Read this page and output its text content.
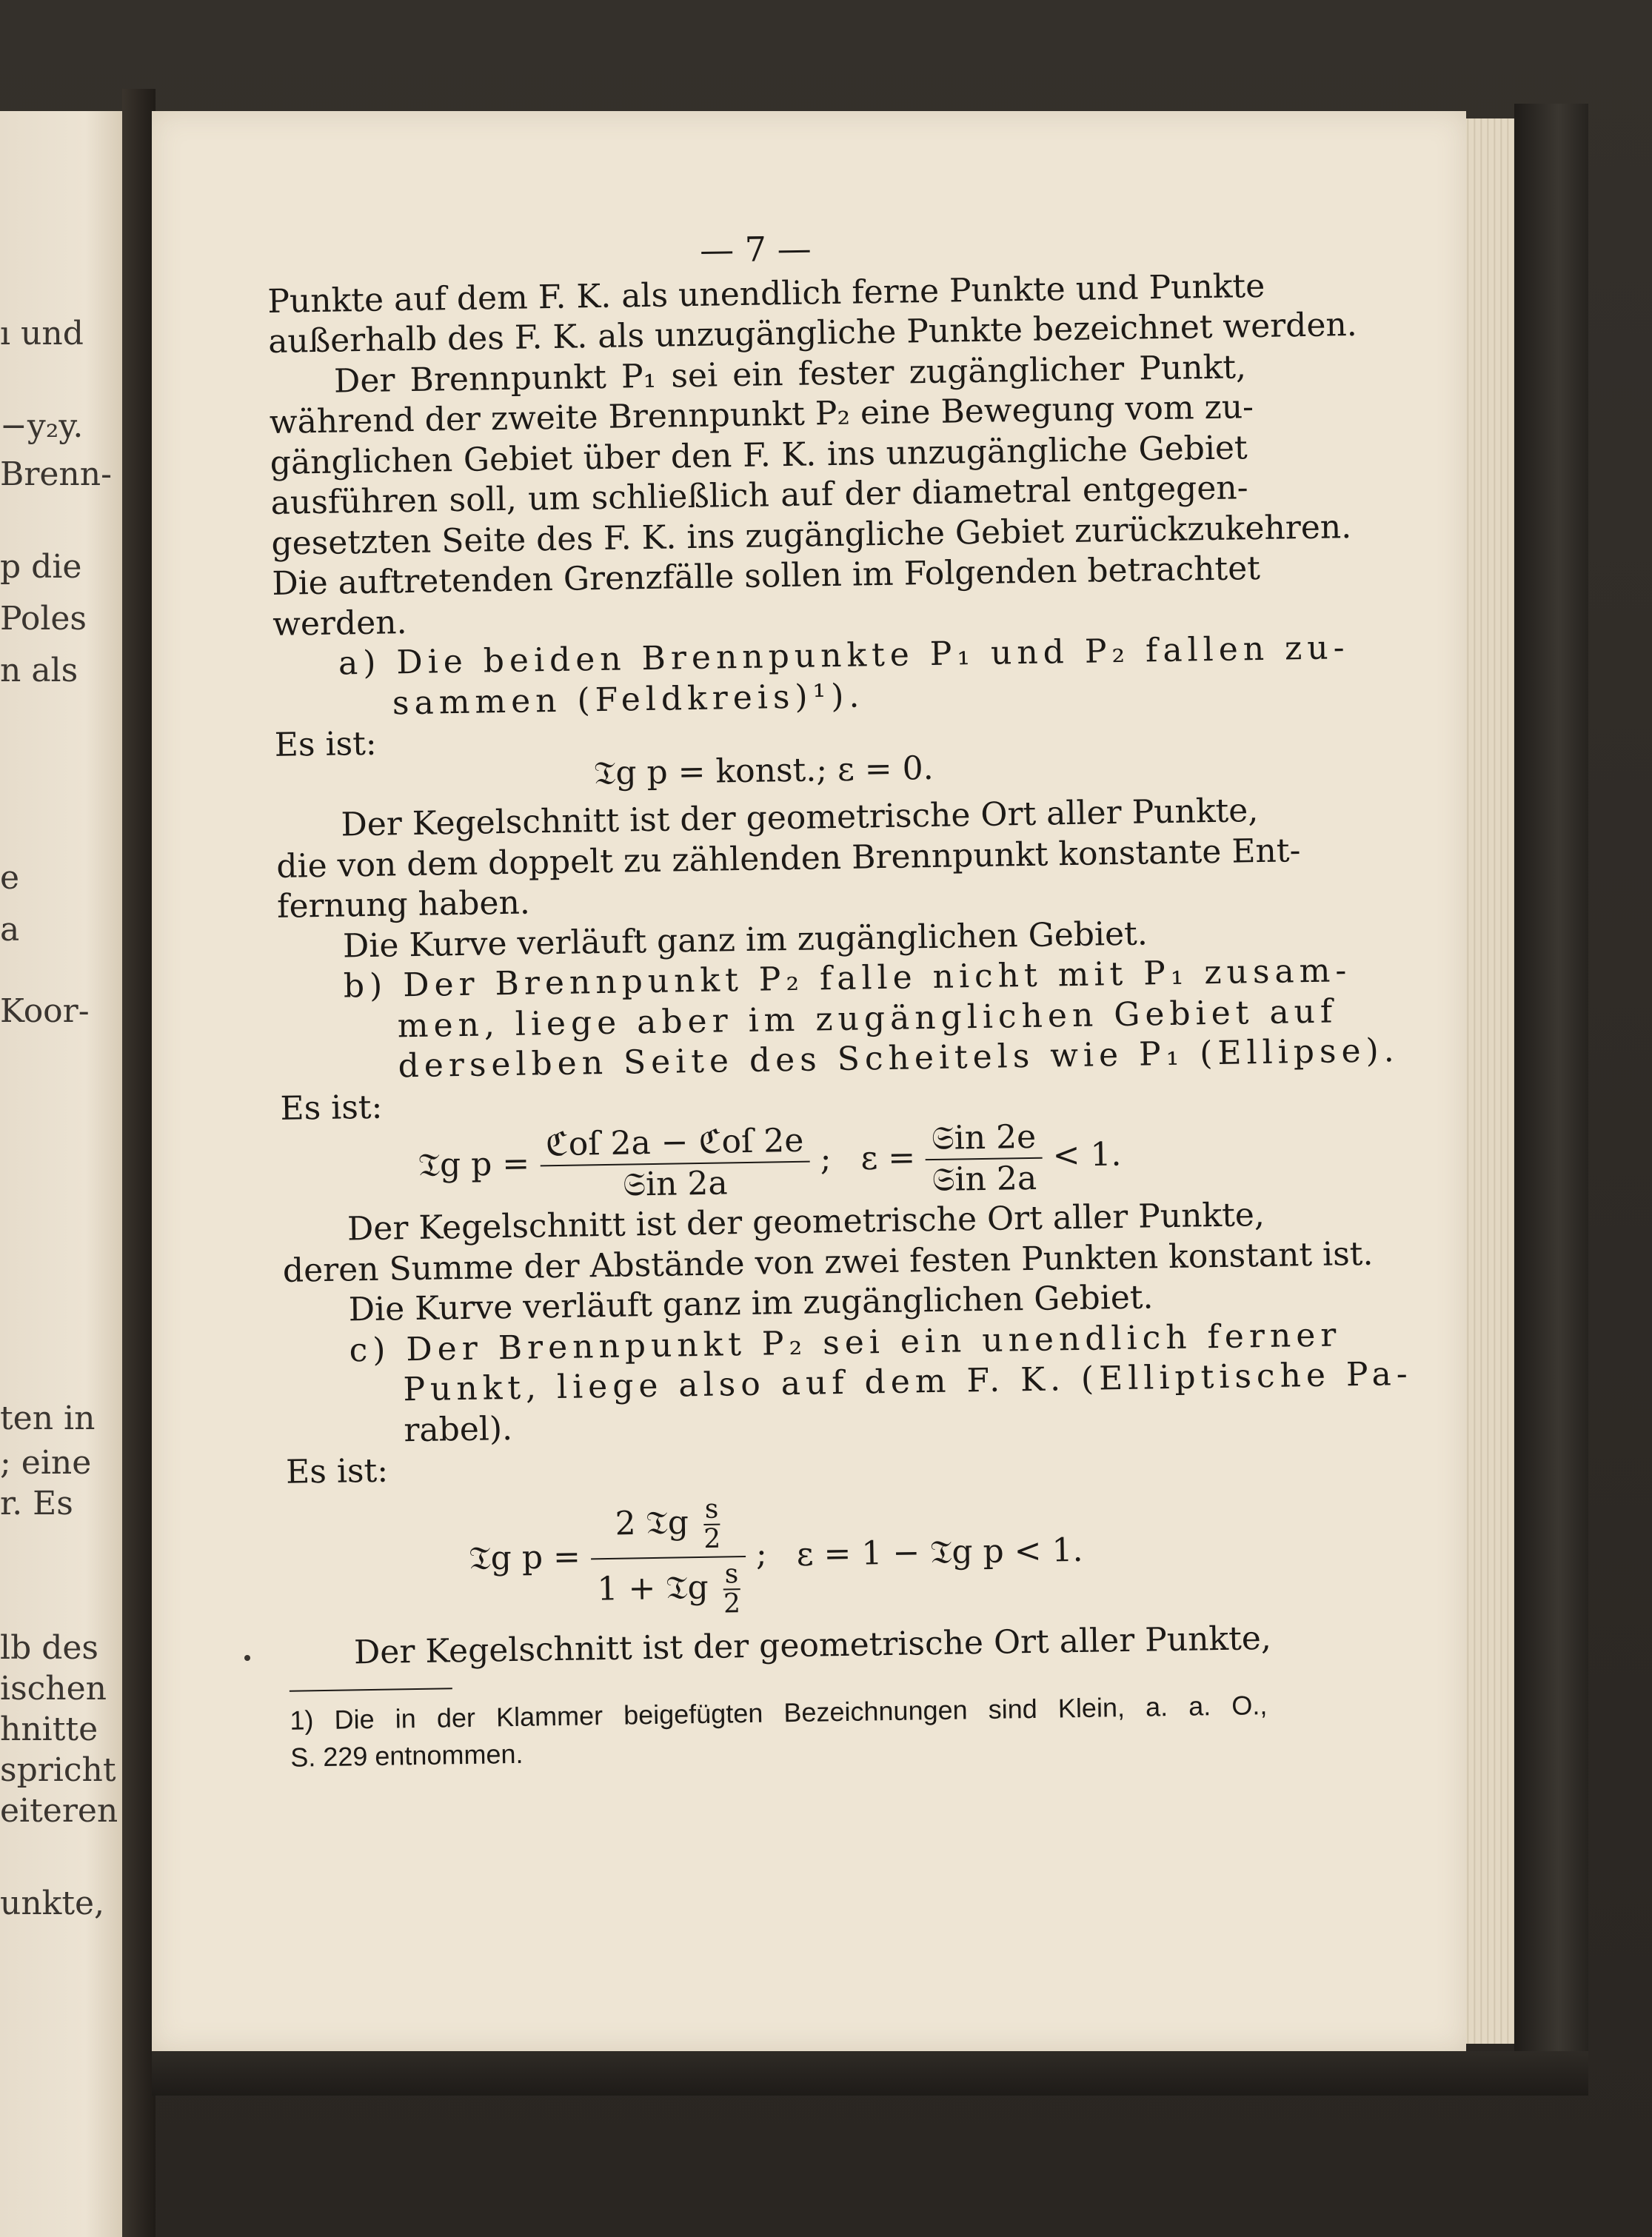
ı und
−y₂y.
Brenn-
p die
Poles
n als
e
a
Koor-
ten in
; eine
r. Es
lb des
ischen
hnitte
spricht
eiteren
unkte,
— 7 —
Punkte auf dem F. K. als unendlich ferne Punkte und Punkte
außerhalb des F. K. als unzugängliche Punkte bezeichnet werden.
Der Brennpunkt P₁ sei ein fester zugänglicher Punkt,
während der zweite Brennpunkt P₂ eine Bewegung vom zu-
gänglichen Gebiet über den F. K. ins unzugängliche Gebiet
ausführen soll, um schließlich auf der diametral entgegen-
gesetzten Seite des F. K. ins zugängliche Gebiet zurückzukehren.
Die auftretenden Grenzfälle sollen im Folgenden betrachtet
werden.
a) Die beiden Brennpunkte P₁ und P₂ fallen zu-
sammen (Feldkreis)¹).
Es ist:
𝔗g p = konst.; ε = 0.
Der Kegelschnitt ist der geometrische Ort aller Punkte,
die von dem doppelt zu zählenden Brennpunkt konstante Ent-
fernung haben.
Die Kurve verläuft ganz im zugänglichen Gebiet.
b) Der Brennpunkt P₂ falle nicht mit P₁ zusam-
men, liege aber im zugänglichen Gebiet auf
derselben Seite des Scheitels wie P₁ (Ellipse).
Es ist:
𝔗g p =
ℭoſ 2a − ℭoſ 2e
𝔖in 2a
; ε =
𝔖in 2e
𝔖in 2a
< 1.
Der Kegelschnitt ist der geometrische Ort aller Punkte,
deren Summe der Abstände von zwei festen Punkten konstant ist.
Die Kurve verläuft ganz im zugänglichen Gebiet.
c) Der Brennpunkt P₂ sei ein unendlich ferner
Punkt, liege also auf dem F. K. (Elliptische Pa-
rabel).
Es ist:
𝔗g p =
2 𝔗g $\frac{s}{2}$
1 + 𝔗g $\frac{s}{2}$
; ε = 1 − 𝔗g p < 1.
Der Kegelschnitt ist der geometrische Ort aller Punkte,
1) Die in der Klammer beigefügten Bezeichnungen sind Klein, a. a. O.,
S. 229 entnommen.
